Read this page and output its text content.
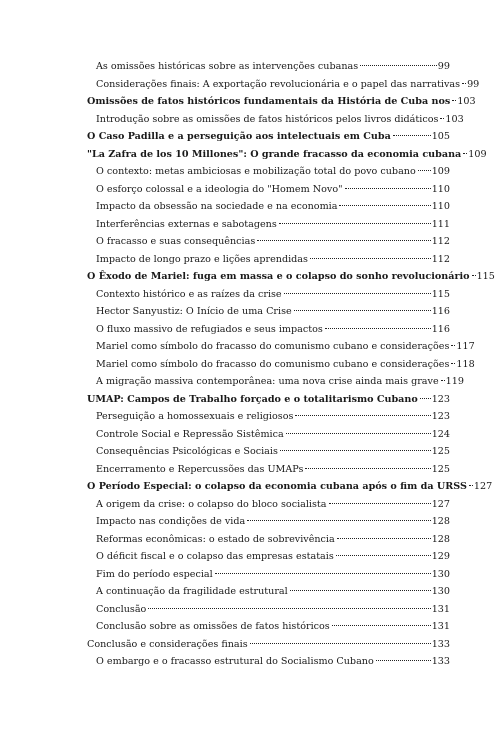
As omissões históricas sobre as intervenções cubanas	99
Considerações finais: A exportação revolucionária e o papel das narrativas 99
Omissões de fatos históricos fundamentais da História de Cuba nos 103
Introdução sobre as omissões de fatos históricos pelos livros didáticos 103
O Caso Padilla e a perseguição aos intelectuais em Cuba	105
"La Zafra de los 10 Millones": O grande fracasso da economia cubana 109
O contexto: metas ambiciosas e mobilização total do povo cubano 109
O esforço colossal e a ideologia do "Homem Novo"	110
Impacto da obsessão na sociedade e na economia	110
Interferências externas e sabotagens	111
O fracasso e suas consequências	112
Impacto de longo prazo e lições aprendidas	112
O Êxodo de Mariel: fuga em massa e o colapso do sonho revolucionário 115
Contexto histórico e as raízes da crise	115
Hector Sanyustiz: O Início de uma Crise	116
O fluxo massivo de refugiados e seus impactos	116
Mariel como símbolo do fracasso do comunismo cubano e considerações 117
Mariel como símbolo do fracasso do comunismo cubano e considerações 118
A migração massiva contemporânea: uma nova crise ainda mais grave 119
UMAP: Campos de Trabalho forçado e o totalitarismo Cubano 123
Perseguição a homossexuais e religiosos	123
Controle Social e Repressão Sistêmica	124
Consequências Psicológicas e Sociais	125
Encerramento e Repercussões das UMAPs	125
O Período Especial: o colapso da economia cubana após o fim da URSS 127
A origem da crise: o colapso do bloco socialista	127
Impacto nas condições de vida	128
Reformas econômicas: o estado de sobrevivência	128
O déficit fiscal e o colapso das empresas estatais	129
Fim do período especial	130
A continuação da fragilidade estrutural	130
Conclusão	131
Conclusão sobre as omissões de fatos históricos	131
Conclusão e considerações finais	133
O embargo e o fracasso estrutural do Socialismo Cubano	133
